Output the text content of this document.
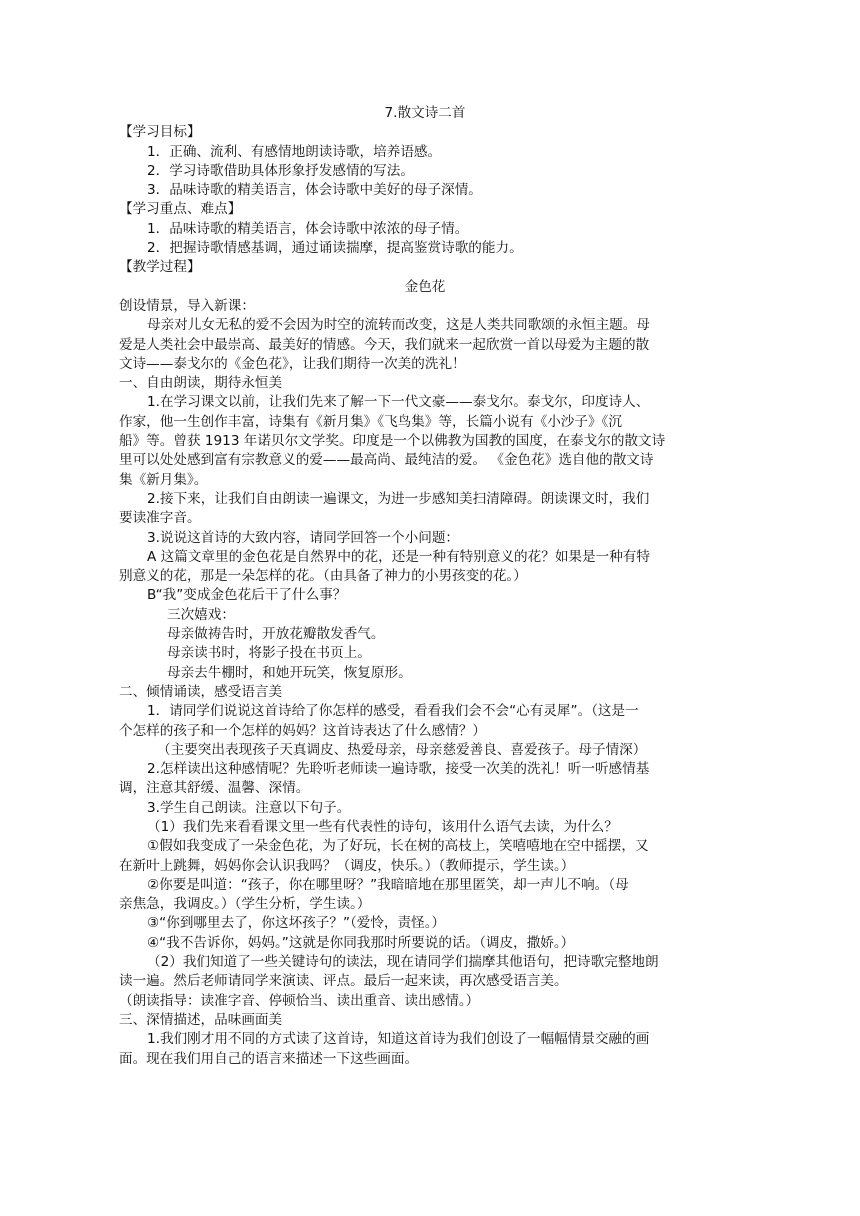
7.散文诗二首
【学习目标】
1．正确、流利、有感情地朗读诗歌，培养语感。
2．学习诗歌借助具体形象抒发感情的写法。
3．品味诗歌的精美语言，体会诗歌中美好的母子深情。
【学习重点、难点】
1．品味诗歌的精美语言，体会诗歌中浓浓的母子情。
2．把握诗歌情感基调，通过诵读揣摩，提高鉴赏诗歌的能力。
【教学过程】
金色花
创设情景，导入新课：
母亲对儿女无私的爱不会因为时空的流转而改变，这是人类共同歌颂的永恒主题。母
爱是人类社会中最崇高、最美好的情感。今天，我们就来一起欣赏一首以母爱为主题的散
文诗——泰戈尔的《金色花》，让我们期待一次美的洗礼！
一、自由朗读，期待永恒美
1.在学习课文以前，让我们先来了解一下一代文豪——泰戈尔。泰戈尔，印度诗人、
作家，他一生创作丰富，诗集有《新月集》《飞鸟集》等，长篇小说有《小沙子》《沉
船》等。曾获 1913 年诺贝尔文学奖。印度是一个以佛教为国教的国度，在泰戈尔的散文诗
里可以处处感到富有宗教意义的爱——最高尚、最纯洁的爱。 《金色花》选自他的散文诗
集《新月集》。
2.接下来，让我们自由朗读一遍课文，为进一步感知美扫清障碍。朗读课文时，我们
要读准字音。
3.说说这首诗的大致内容，请同学回答一个小问题：
A 这篇文章里的金色花是自然界中的花，还是一种有特别意义的花？如果是一种有特
别意义的花，那是一朵怎样的花。（由具备了神力的小男孩变的花。）
B“我”变成金色花后干了什么事？
三次嬉戏：
母亲做祷告时，开放花瓣散发香气。
母亲读书时，将影子投在书页上。
母亲去牛棚时，和她开玩笑，恢复原形。
二、倾情诵读，感受语言美
1．请同学们说说这首诗给了你怎样的感受，看看我们会不会“心有灵犀”。（这是一
个怎样的孩子和一个怎样的妈妈？这首诗表达了什么感情？）
（主要突出表现孩子天真调皮、热爱母亲，母亲慈爱善良、喜爱孩子。母子情深）
2.怎样读出这种感情呢？先聆听老师读一遍诗歌，接受一次美的洗礼！听一听感情基
调，注意其舒缓、温馨、深情。
3.学生自己朗读。注意以下句子。
（1）我们先来看看课文里一些有代表性的诗句，该用什么语气去读，为什么？
①假如我变成了一朵金色花，为了好玩，长在树的高枝上，笑嘻嘻地在空中摇摆，又
在新叶上跳舞，妈妈你会认识我吗？（调皮，快乐。）（教师提示，学生读。）
②你要是叫道：“孩子，你在哪里呀？”我暗暗地在那里匿笑，却一声儿不响。（母
亲焦急，我调皮。）（学生分析，学生读。）
③“你到哪里去了，你这坏孩子？”（爱怜，责怪。）
④“我不告诉你，妈妈。”这就是你同我那时所要说的话。（调皮，撒娇。）
（2）我们知道了一些关键诗句的读法，现在请同学们揣摩其他语句，把诗歌完整地朗
读一遍。然后老师请同学来演读、评点。最后一起来读，再次感受语言美。
（朗读指导：读准字音、停顿恰当、读出重音、读出感情。）
三、深情描述，品味画面美
1.我们刚才用不同的方式读了这首诗，知道这首诗为我们创设了一幅幅情景交融的画
面。现在我们用自己的语言来描述一下这些画面。
